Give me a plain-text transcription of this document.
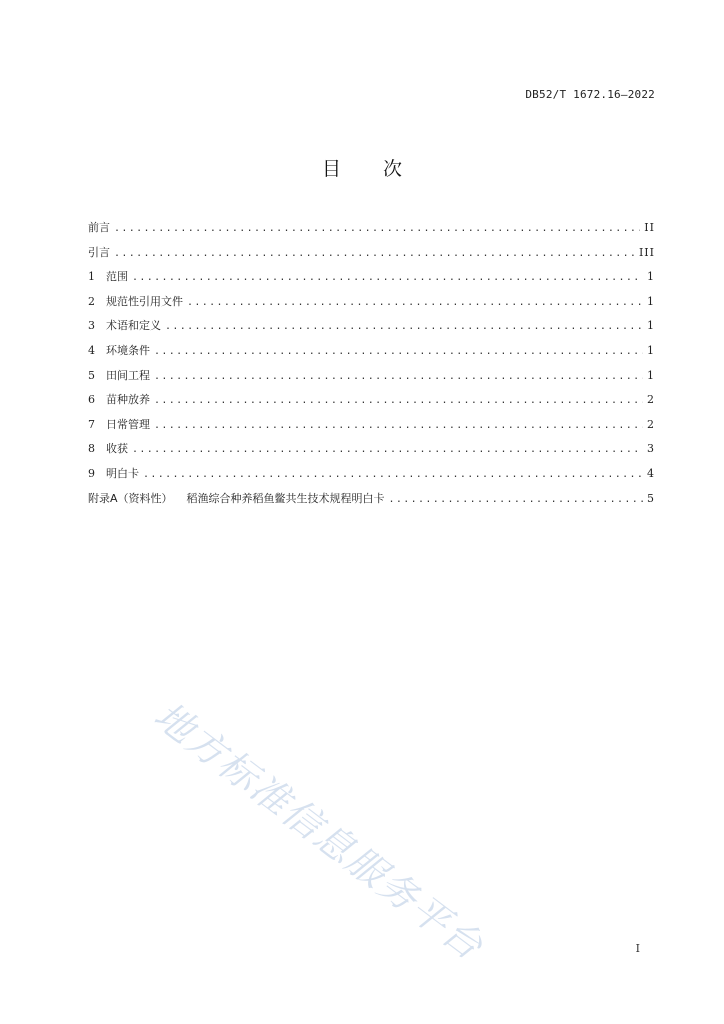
DB52/T 1672.16—2022
目 次
前言 .....	II
引言 .....	III
1	范围 .....	1
2	规范性引用文件 .....	1
3	术语和定义 .....	1
4	环境条件 .....	1
5	田间工程 .....	1
6	苗种放养 .....	2
7	日常管理 .....	2
8	收获 .....	3
9	明白卡 .....	4
附录A（资料性） 稻渔综合种养稻鱼鳖共生技术规程明白卡 .....	5
地方标准信息服务平台	I
